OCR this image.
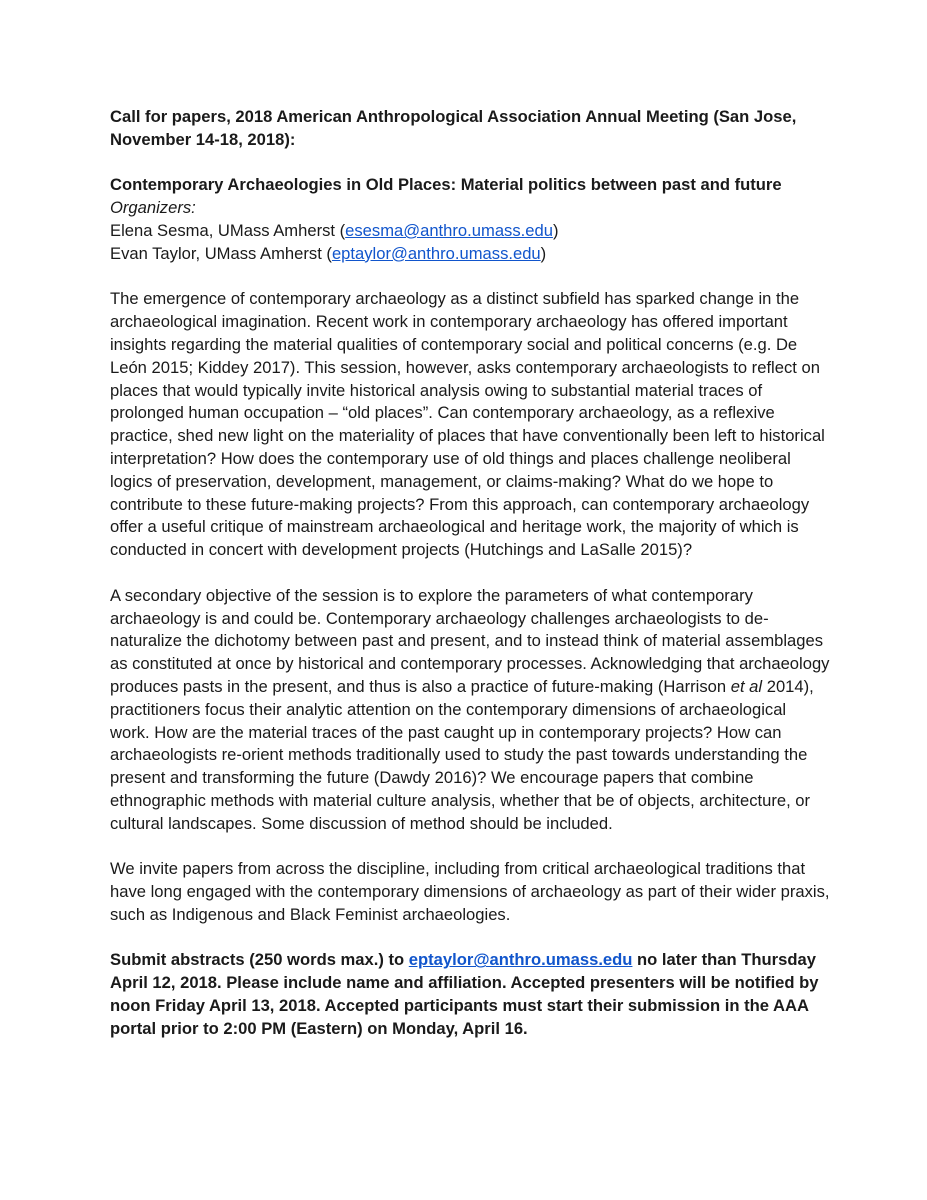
Call for papers, 2018 American Anthropological Association Annual Meeting (San Jose, November 14-18, 2018):

Contemporary Archaeologies in Old Places: Material politics between past and future
Organizers:
Elena Sesma, UMass Amherst (esesma@anthro.umass.edu)
Evan Taylor, UMass Amherst (eptaylor@anthro.umass.edu)

The emergence of contemporary archaeology as a distinct subfield has sparked change in the archaeological imagination. Recent work in contemporary archaeology has offered important insights regarding the material qualities of contemporary social and political concerns (e.g. De León 2015; Kiddey 2017). This session, however, asks contemporary archaeologists to reflect on places that would typically invite historical analysis owing to substantial material traces of prolonged human occupation – “old places”. Can contemporary archaeology, as a reflexive practice, shed new light on the materiality of places that have conventionally been left to historical interpretation? How does the contemporary use of old things and places challenge neoliberal logics of preservation, development, management, or claims-making? What do we hope to contribute to these future-making projects? From this approach, can contemporary archaeology offer a useful critique of mainstream archaeological and heritage work, the majority of which is conducted in concert with development projects (Hutchings and LaSalle 2015)?

A secondary objective of the session is to explore the parameters of what contemporary archaeology is and could be. Contemporary archaeology challenges archaeologists to de-naturalize the dichotomy between past and present, and to instead think of material assemblages as constituted at once by historical and contemporary processes. Acknowledging that archaeology produces pasts in the present, and thus is also a practice of future-making (Harrison et al 2014), practitioners focus their analytic attention on the contemporary dimensions of archaeological work. How are the material traces of the past caught up in contemporary projects? How can archaeologists re-orient methods traditionally used to study the past towards understanding the present and transforming the future (Dawdy 2016)? We encourage papers that combine ethnographic methods with material culture analysis, whether that be of objects, architecture, or cultural landscapes. Some discussion of method should be included.

We invite papers from across the discipline, including from critical archaeological traditions that have long engaged with the contemporary dimensions of archaeology as part of their wider praxis, such as Indigenous and Black Feminist archaeologies.

Submit abstracts (250 words max.) to eptaylor@anthro.umass.edu no later than Thursday April 12, 2018. Please include name and affiliation. Accepted presenters will be notified by noon Friday April 13, 2018. Accepted participants must start their submission in the AAA portal prior to 2:00 PM (Eastern) on Monday, April 16.
